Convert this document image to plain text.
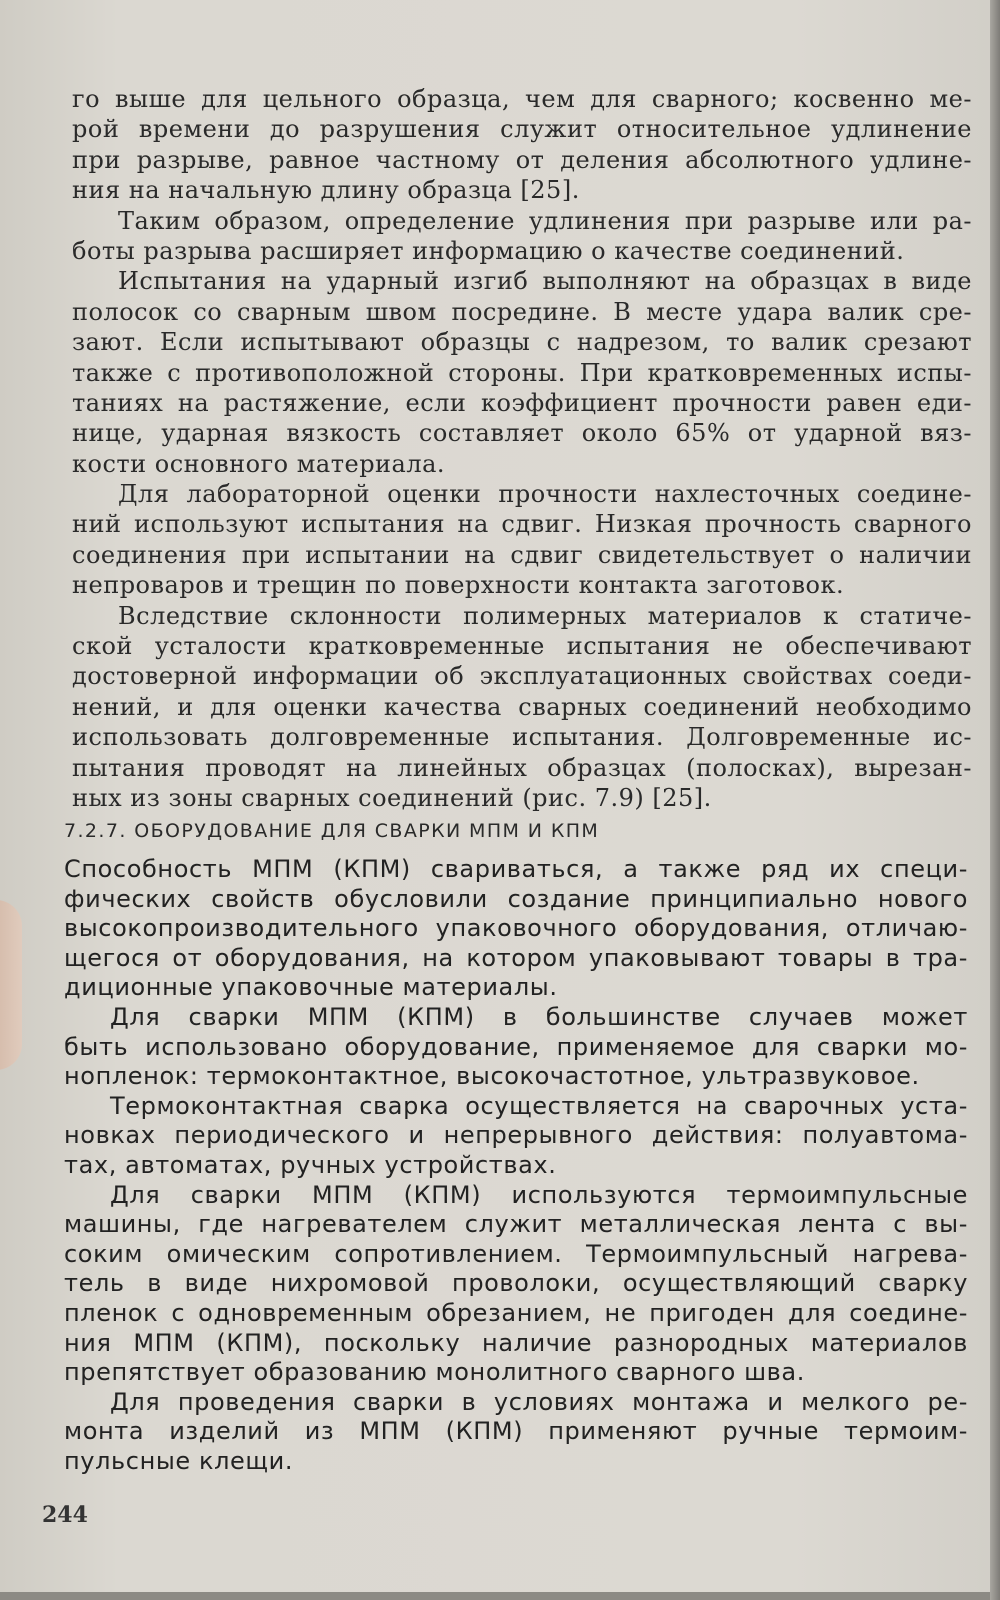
го выше для цельного образца, чем для сварного; косвенно ме-
рой времени до разрушения служит относительное удлинение
при разрыве, равное частному от деления абсолютного удлине-
ния на начальную длину образца [25].
Таким образом, определение удлинения при разрыве или ра-
боты разрыва расширяет информацию о качестве соединений.
Испытания на ударный изгиб выполняют на образцах в виде
полосок со сварным швом посредине. В месте удара валик сре-
зают. Если испытывают образцы с надрезом, то валик срезают
также с противоположной стороны. При кратковременных испы-
таниях на растяжение, если коэффициент прочности равен еди-
нице, ударная вязкость составляет около 65% от ударной вяз-
кости основного материала.
Для лабораторной оценки прочности нахлесточных соедине-
ний используют испытания на сдвиг. Низкая прочность сварного
соединения при испытании на сдвиг свидетельствует о наличии
непроваров и трещин по поверхности контакта заготовок.
Вследствие склонности полимерных материалов к статиче-
ской усталости кратковременные испытания не обеспечивают
достоверной информации об эксплуатационных свойствах соеди-
нений, и для оценки качества сварных соединений необходимо
использовать долговременные испытания. Долговременные ис-
пытания проводят на линейных образцах (полосках), вырезан-
ных из зоны сварных соединений (рис. 7.9) [25].
7.2.7. ОБОРУДОВАНИЕ ДЛЯ СВАРКИ МПМ И КПМ
Способность МПМ (КПМ) свариваться, а также ряд их специ-
фических свойств обусловили создание принципиально нового
высокопроизводительного упаковочного оборудования, отличаю-
щегося от оборудования, на котором упаковывают товары в тра-
диционные упаковочные материалы.
Для сварки МПМ (КПМ) в большинстве случаев может
быть использовано оборудование, применяемое для сварки мо-
нопленок: термоконтактное, высокочастотное, ультразвуковое.
Термоконтактная сварка осуществляется на сварочных уста-
новках периодического и непрерывного действия: полуавтома-
тах, автоматах, ручных устройствах.
Для сварки МПМ (КПМ) используются термоимпульсные
машины, где нагревателем служит металлическая лента с вы-
соким омическим сопротивлением. Термоимпульсный нагрева-
тель в виде нихромовой проволоки, осуществляющий сварку
пленок с одновременным обрезанием, не пригоден для соедине-
ния МПМ (КПМ), поскольку наличие разнородных материалов
препятствует образованию монолитного сварного шва.
Для проведения сварки в условиях монтажа и мелкого ре-
монта изделий из МПМ (КПМ) применяют ручные термоим-
пульсные клещи.
244
